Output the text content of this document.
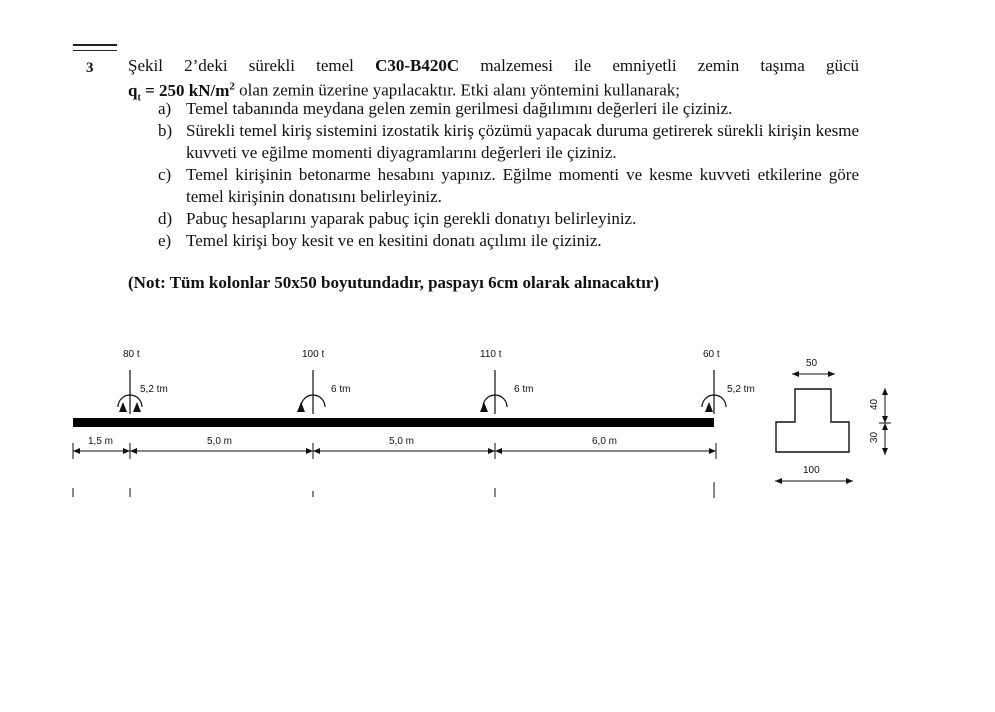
3 Şekil 2’deki sürekli temel C30-B420C malzemesi ile emniyetli zemin taşıma gücü
$q_t = 250$ $kN/m^2$ olan zemin üzerine yapılacaktır. Etki alanı yöntemini kullanarak;
a) Temel tabanında meydana gelen zemin gerilmesi dağılımını değerleri ile çiziniz.
b) Sürekli temel kiriş sistemini izostatik kiriş çözümü yapacak duruma getirerek sürekli kirişin kesme kuvveti ve eğilme momenti diyagramlarını değerleri ile çiziniz.
c) Temel kirişinin betonarme hesabını yapınız. Eğilme momenti ve kesme kuvveti etkilerine göre temel kirişinin donatısını belirleyiniz.
d) Pabuç hesaplarını yaparak pabuç için gerekli donatıyı belirleyiniz.
e) Temel kirişi boy kesit ve en kesitini donatı açılımı ile çiziniz.
(Not: Tüm kolonlar 50x50 boyutundadır, paspayı 6cm olarak alınacaktır)
80 t
5,2 tm
100 t
6 tm
110 t
6 tm
60 t
5,2 tm
1,5 m	5,0 m	5,0 m	6,0 m
50
100
40
30
